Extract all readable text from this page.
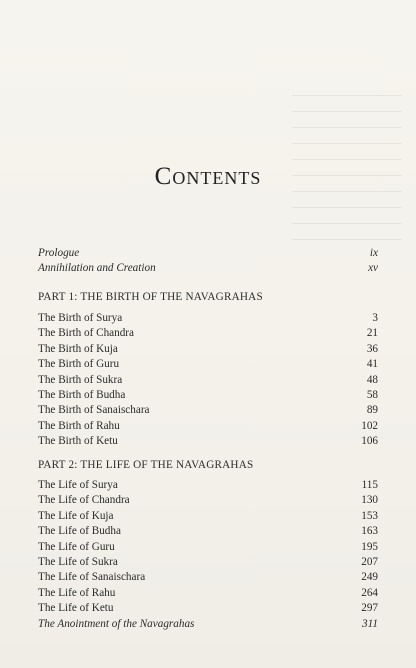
Contents
Prologue	ix
Annihilation and Creation	xv
PART 1: THE BIRTH OF THE NAVAGRAHAS
The Birth of Surya	3
The Birth of Chandra	21
The Birth of Kuja	36
The Birth of Guru	41
The Birth of Sukra	48
The Birth of Budha	58
The Birth of Sanaischara	89
The Birth of Rahu	102
The Birth of Ketu	106
PART 2: THE LIFE OF THE NAVAGRAHAS
The Life of Surya	115
The Life of Chandra	130
The Life of Kuja	153
The Life of Budha	163
The Life of Guru	195
The Life of Sukra	207
The Life of Sanaischara	249
The Life of Rahu	264
The Life of Ketu	297
The Anointment of the Navagrahas	311
